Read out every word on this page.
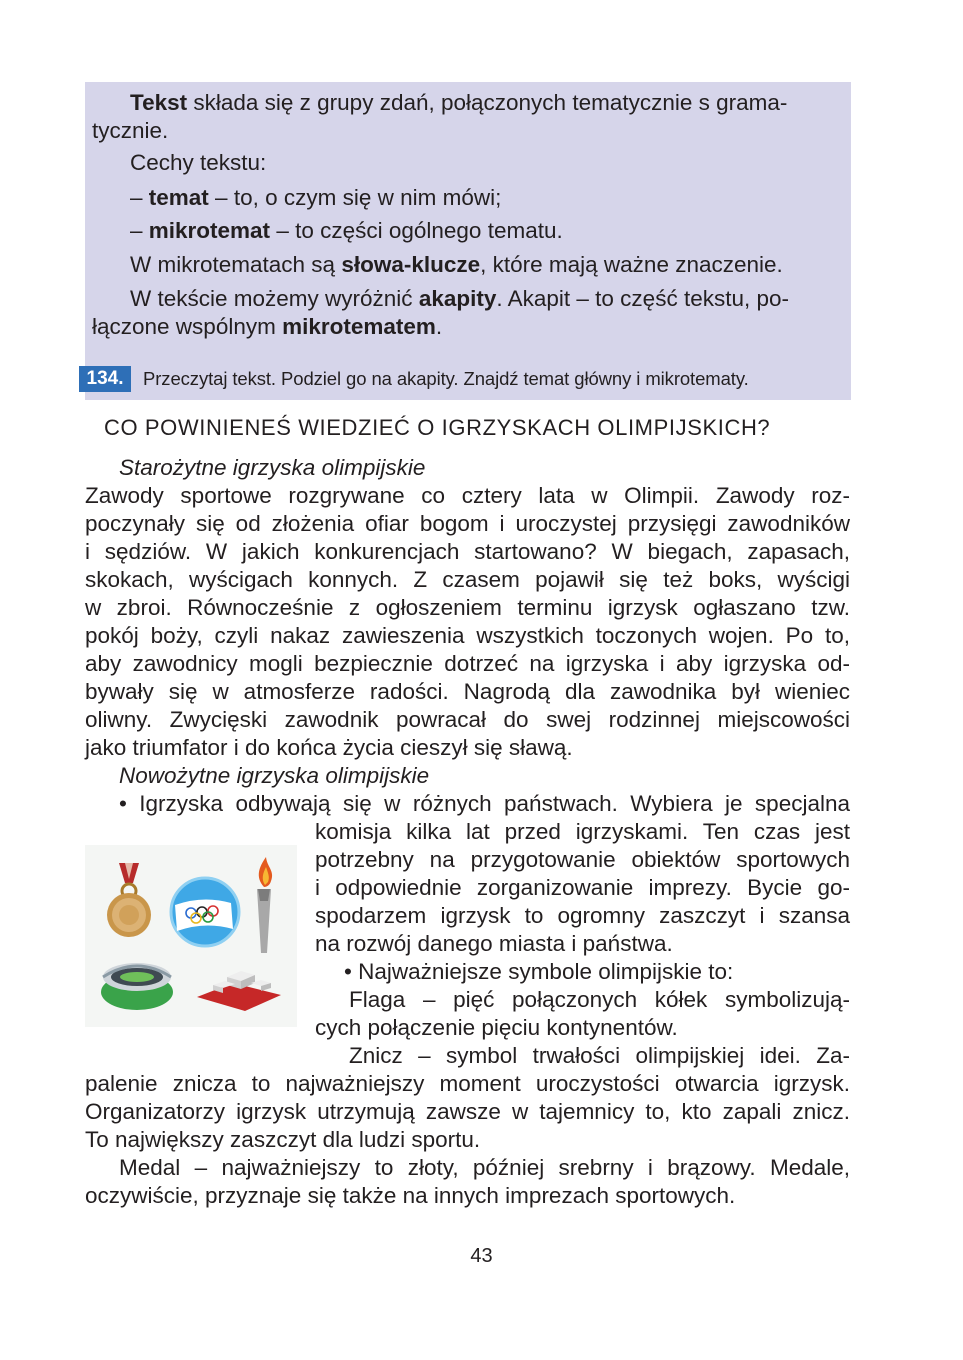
Tekst składa się z grupy zdań, połączonych tematycznie s grama-

tycznie.

Cechy tekstu:

– temat – to, o czym się w nim mówi;

– mikrotemat – to części ogólnego tematu.

W mikrotematach są słowa-klucze, które mają ważne znaczenie.

W tekście możemy wyróżnić akapity. Akapit – to część tekstu, po-

łączone wspólnym mikrotematem.

134.	Przeczytaj tekst. Podziel go na akapity. Znajdź temat główny i mikrotematy.
CO POWINIENEŚ WIEDZIEĆ O IGRZYSKACH OLIMPIJSKICH?
Starożytne igrzyska olimpijskie
Zawody sportowe rozgrywane co cztery lata w Olimpii. Zawody roz-
poczynały się od złożenia ofiar bogom i uroczystej przysięgi zawodników
i sędziów. W jakich konkurencjach startowano? W biegach, zapasach,
skokach, wyścigach konnych. Z czasem pojawił się też boks, wyścigi
w zbroi. Równocześnie z ogłoszeniem terminu igrzysk ogłaszano tzw.
pokój boży, czyli nakaz zawieszenia wszystkich toczonych wojen. Po to,
aby zawodnicy mogli bezpiecznie dotrzeć na igrzyska i aby igrzyska od-
bywały się w atmosferze radości. Nagrodą dla zawodnika był wieniec
oliwny. Zwycięski zawodnik powracał do swej rodzinnej miejscowości
jako triumfator i do końca życia cieszył się sławą.
Nowożytne igrzyska olimpijskie
• Igrzyska odbywają się w różnych państwach. Wybiera je specjalna
komisja kilka lat przed igrzyskami. Ten czas jest
potrzebny na przygotowanie obiektów sportowych
i odpowiednie zorganizowanie imprezy. Bycie go-
spodarzem igrzysk to ogromny zaszczyt i szansa
na rozwój danego miasta i państwa.
• Najważniejsze symbole olimpijskie to:
Flaga – pięć połączonych kółek symbolizują-
cych połączenie pięciu kontynentów.
Znicz – symbol trwałości olimpijskiej idei. Za-
palenie znicza to najważniejszy moment uroczystości otwarcia igrzysk.
Organizatorzy igrzysk utrzymują zawsze w tajemnicy to, kto zapali znicz.
To największy zaszczyt dla ludzi sportu.
Medal – najważniejszy to złoty, później srebrny i brązowy. Medale,
oczywiście, przyznaje się także na innych imprezach sportowych.
43
